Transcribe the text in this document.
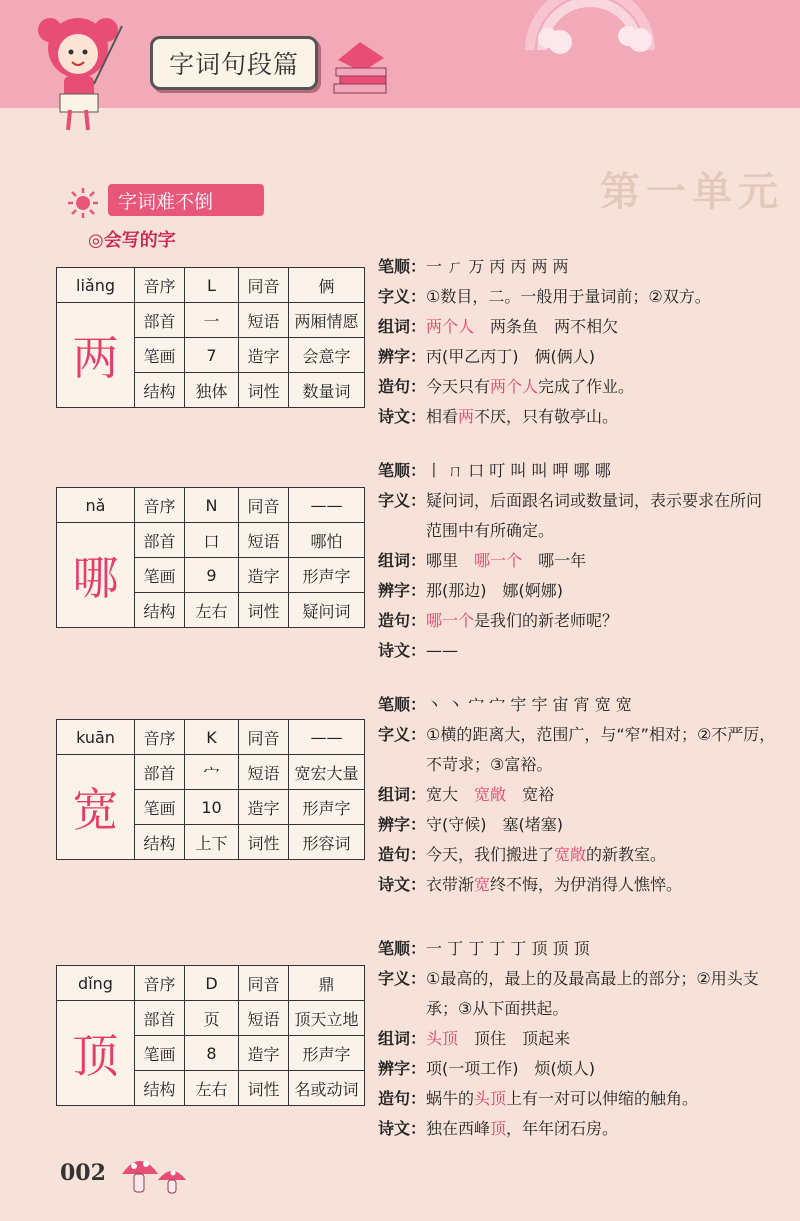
字词句段篇
第一单元
字词难不倒
◎会写的字
liǎng	音序	L	同音	俩
两	部首	一	短语	两厢情愿
	笔画	7	造字	会意字
	结构	独体	词性	数量词
笔顺： 一 ㄏ 万 丙 丙 两 两
字义： ①数目，二。一般用于量词前；②双方。
组词： 两个人　 两条鱼　 两不相欠
辨字： 丙(甲乙丙丁)　俩(俩人)
造句： 今天只有两个人完成了作业。
诗文： 相看两不厌，只有敬亭山。
nǎ	音序	N	同音	——
哪	部首	口	短语	哪怕
	笔画	9	造字	形声字
	结构	左右	词性	疑问词
笔顺： 丨 ㄇ 口 叮 叫 叫 呷 哪 哪
字义： 疑问词，后面跟名词或数量词，表示要求在所问范围中有所确定。
组词： 哪里　 哪一个　 哪一年
辨字： 那(那边)　娜(婀娜)
造句： 哪一个是我们的新老师呢？
诗文： ——
kuān	音序	K	同音	——
宽	部首	宀	短语	宽宏大量
	笔画	10	造字	形声字
	结构	上下	词性	形容词
笔顺： 丶 丶 宀 宀 宇 宇 宙 宵 宽 宽
字义： ①横的距离大，范围广，与“窄”相对；②不严厉，不苛求；③富裕。
组词： 宽大　 宽敞　 宽裕
辨字： 守(守候)　塞(堵塞)
造句： 今天，我们搬进了宽敞的新教室。
诗文： 衣带渐宽终不悔，为伊消得人憔悴。
dǐng	音序	D	同音	鼎
顶	部首	页	短语	顶天立地
	笔画	8	造字	形声字
	结构	左右	词性	名或动词
笔顺： 一 丁 丁 丁 丁 顶 顶 顶
字义： ①最高的，最上的及最高最上的部分；②用头支承；③从下面拱起。
组词： 头顶　 顶住　 顶起来
辨字： 项(一项工作)　烦(烦人)
造句： 蜗牛的头顶上有一对可以伸缩的触角。
诗文： 独在西峰顶，年年闭石房。
002
